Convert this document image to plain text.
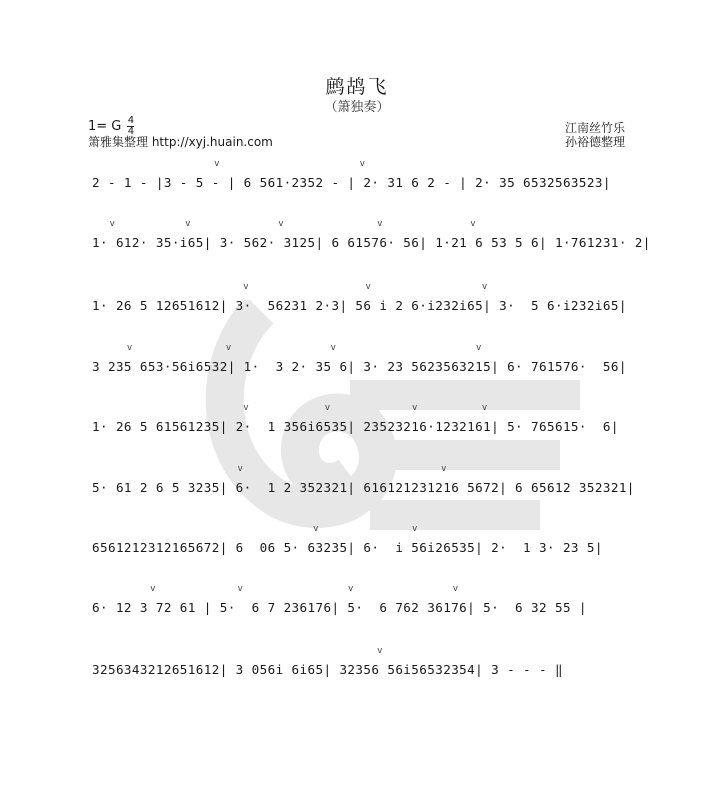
鹧鸪飞
（箫独奏）
1= G 4
4
箫雅集整理 http://xyj.huain.com
江南丝竹乐
孙裕德整理
v                        v
2 - 1 - |3 - 5 - | 6 561·2352 - | 2· 31 6 2 - | 2· 35 6532563523|
v            v               v                v               v
1· 612· 35·i65| 3· 562· 3125| 6 61576· 56| 1·21 6 53 5 6| 1·761231· 2|
v                    v                   v
1· 26 5 12651612| 3·  56231 2·3| 56 i 2 6·i232i65| 3·  5 6·i232i65|
v                v                 v                        v
3 235 653·56i6532| 1·  3 2· 35 6| 3· 23 5623563215| 6· 761576·  56|
v             v              v           v
1· 26 5 61561235| 2·  1 356i6535| 23523216·1232161| 5· 765615·  6|
v                                  v
5· 61 2 6 5 3235| 6·  1 2 352321| 616121231216 5672| 6 65612 352321|
v                v
6561212312165672| 6  06 5· 63235| 6·  i 56i26535| 2·  1 3· 23 5|
v              v                  v                 v
6· 12 3 72 61 | 5·  6 7 236176| 5·  6 762 36176| 5·  6 32 55 |
v
3256343212651612| 3 056i 6i65| 32356 56i56532354| 3 - - - ‖
